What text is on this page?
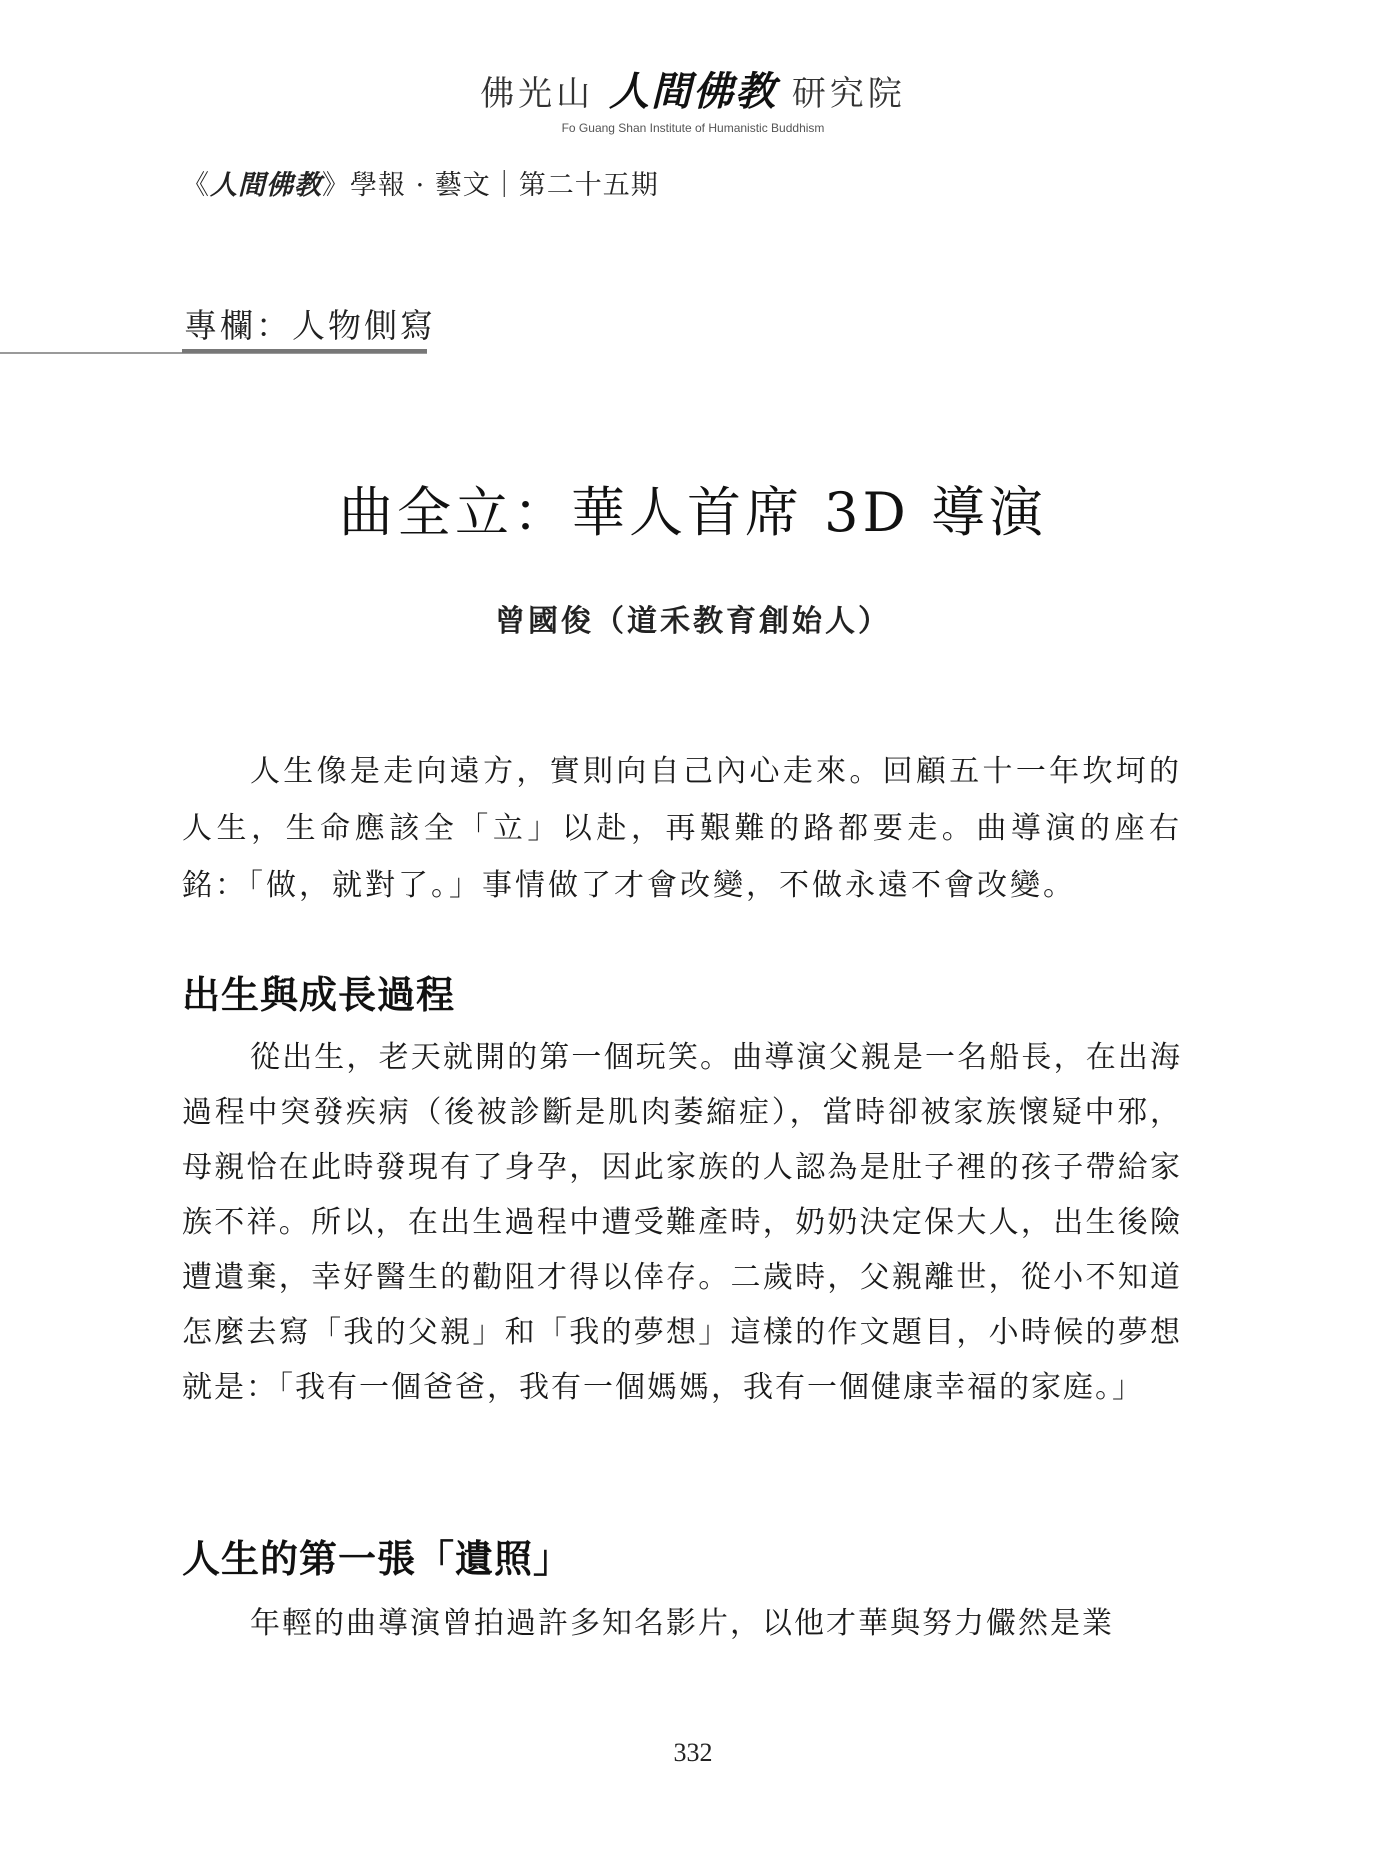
佛光山 人間佛教 研究院
Fo Guang Shan Institute of Humanistic Buddhism
《人間佛教》學報 · 藝文｜第二十五期
專欄：人物側寫
曲全立：華人首席 3D 導演
曾國俊（道禾教育創始人）

人生像是走向遠方，實則向自己內心走來。回顧五十一年坎坷的人生，生命應該全「立」以赴，再艱難的路都要走。曲導演的座右銘：「做，就對了。」事情做了才會改變，不做永遠不會改變。

出生與成長過程

從出生，老天就開的第一個玩笑。曲導演父親是一名船長，在出海過程中突發疾病（後被診斷是肌肉萎縮症），當時卻被家族懷疑中邪，母親恰在此時發現有了身孕，因此家族的人認為是肚子裡的孩子帶給家族不祥。所以，在出生過程中遭受難產時，奶奶決定保大人，出生後險遭遺棄，幸好醫生的勸阻才得以倖存。二歲時，父親離世，從小不知道怎麼去寫「我的父親」和「我的夢想」這樣的作文題目，小時候的夢想就是：「我有一個爸爸，我有一個媽媽，我有一個健康幸福的家庭。」

人生的第一張「遺照」

年輕的曲導演曾拍過許多知名影片，以他才華與努力儼然是業

332
